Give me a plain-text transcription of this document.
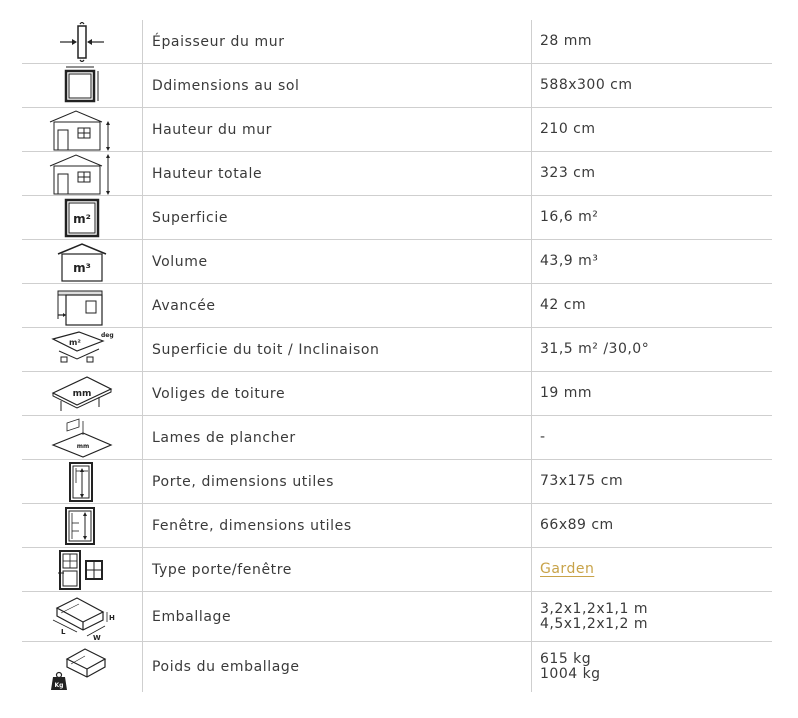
Épaisseur du mur	28 mm
Ddimensions au sol	588x300 cm
Hauteur du mur	210 cm
Hauteur totale	323 cm
m²	Superficie	16,6 m²
m³	Volume	43,9 m³
Avancée	42 cm
m²
deg
Superficie du toit / Inclinaison	31,5 m² /30,0°
mm	Voliges de toiture	19 mm
mm
Lames de plancher	-
Porte, dimensions utiles	73x175 cm
Fenêtre, dimensions utiles	66x89 cm
Type porte/fenêtre	Garden
L
W
H	Emballage	3,2x1,2x1,1 m
4,5x1,2x1,2 m
Kg
Poids du emballage	615 kg
1004 kg
